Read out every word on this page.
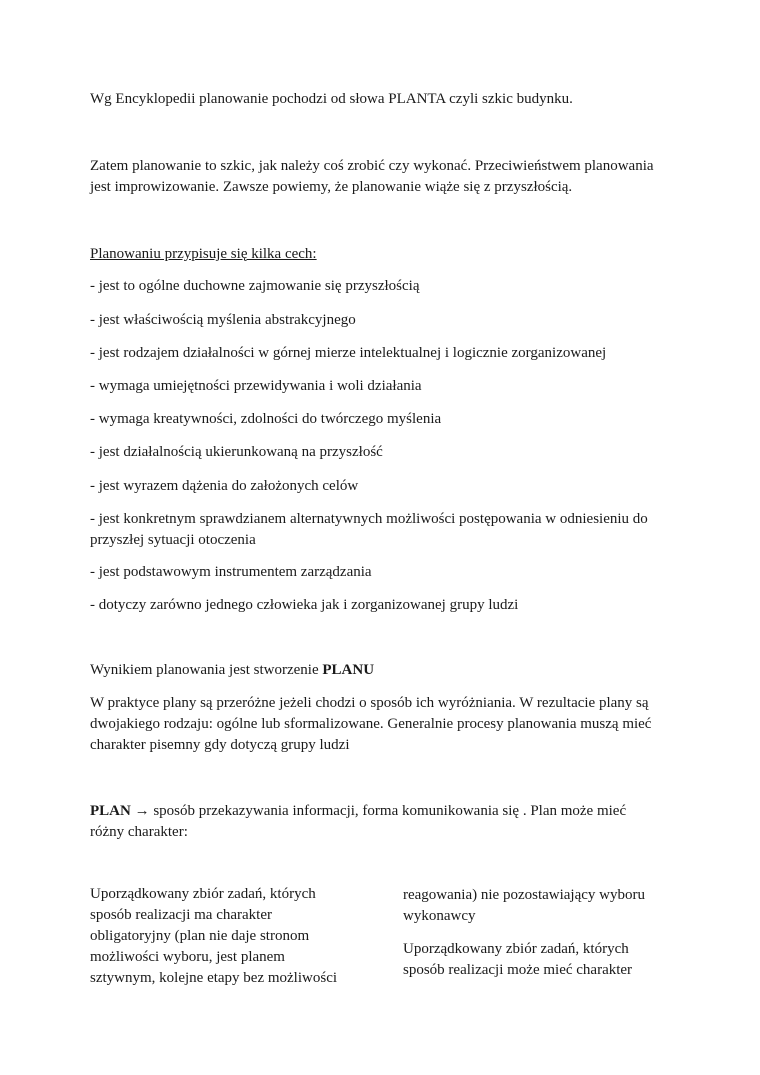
Wg Encyklopedii planowanie pochodzi od słowa PLANTA czyli szkic budynku.

Zatem planowanie to szkic, jak należy coś zrobić czy wykonać. Przeciwieństwem planowania

jest improwizowanie. Zawsze powiemy, że planowanie wiąże się z przyszłością.

Planowaniu przypisuje się kilka cech:

- jest to ogólne duchowne zajmowanie się przyszłością

- jest właściwością myślenia abstrakcyjnego

- jest rodzajem działalności w górnej mierze intelektualnej i logicznie zorganizowanej

- wymaga umiejętności przewidywania i woli działania

- wymaga kreatywności, zdolności do twórczego myślenia

- jest działalnością ukierunkowaną na przyszłość

- jest wyrazem dążenia do założonych celów

- jest konkretnym sprawdzianem alternatywnych możliwości postępowania w odniesieniu do

przyszłej sytuacji otoczenia

- jest podstawowym instrumentem zarządzania

- dotyczy zarówno jednego człowieka jak i zorganizowanej grupy ludzi

Wynikiem planowania jest stworzenie PLANU

W praktyce plany są przeróżne jeżeli chodzi o sposób ich wyróżniania. W rezultacie plany są

dwojakiego rodzaju: ogólne lub sformalizowane. Generalnie procesy planowania muszą mieć

charakter pisemny gdy dotyczą grupy ludzi

PLAN → sposób przekazywania informacji, forma komunikowania się . Plan może mieć

różny charakter:

Uporządkowany zbiór zadań, których

sposób realizacji ma charakter

obligatoryjny (plan nie daje stronom

możliwości wyboru, jest planem

sztywnym, kolejne etapy bez możliwości

reagowania) nie pozostawiający wyboru

wykonawcy

Uporządkowany zbiór zadań, których

sposób realizacji może mieć charakter
